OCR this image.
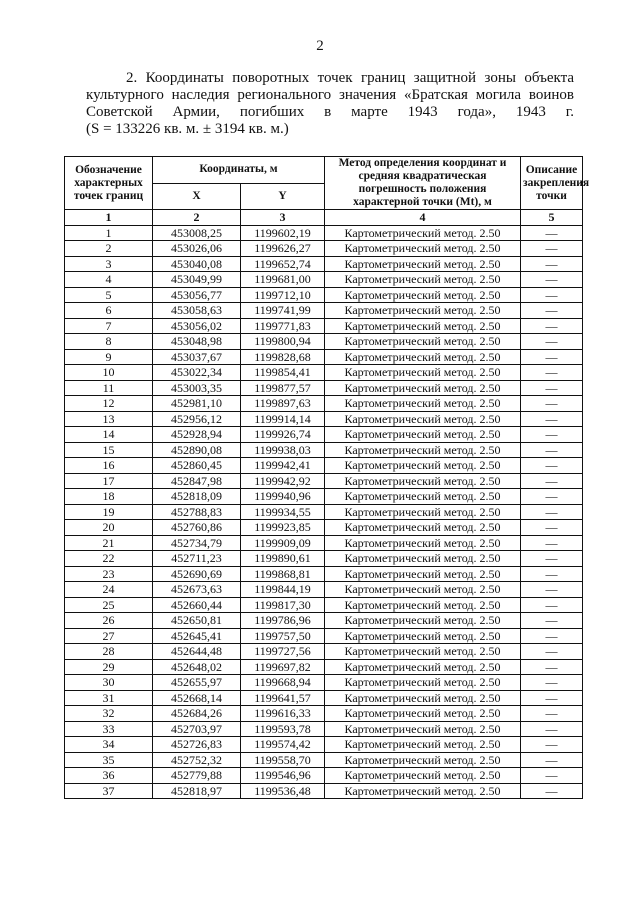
2

2. Координаты поворотных точек границ защитной зоны объекта

культурного наследия регионального значения «Братская могила воинов

Советской Армии, погибших в марте 1943 года», 1943 г.

(S = 133226 кв. м. ± 3194 кв. м.)

Обозначение характерных точек границ	Координаты, м		Метод определения координат и средняя квадратическая погрешность положения характерной точки (Mt), м	Описание закрепления точки
	X	Y		
1	2	3	4	5
1	453008,25	1199602,19	Картометрический метод. 2.50	—
2	453026,06	1199626,27	Картометрический метод. 2.50	—
3	453040,08	1199652,74	Картометрический метод. 2.50	—
4	453049,99	1199681,00	Картометрический метод. 2.50	—
5	453056,77	1199712,10	Картометрический метод. 2.50	—
6	453058,63	1199741,99	Картометрический метод. 2.50	—
7	453056,02	1199771,83	Картометрический метод. 2.50	—
8	453048,98	1199800,94	Картометрический метод. 2.50	—
9	453037,67	1199828,68	Картометрический метод. 2.50	—
10	453022,34	1199854,41	Картометрический метод. 2.50	—
11	453003,35	1199877,57	Картометрический метод. 2.50	—
12	452981,10	1199897,63	Картометрический метод. 2.50	—
13	452956,12	1199914,14	Картометрический метод. 2.50	—
14	452928,94	1199926,74	Картометрический метод. 2.50	—
15	452890,08	1199938,03	Картометрический метод. 2.50	—
16	452860,45	1199942,41	Картометрический метод. 2.50	—
17	452847,98	1199942,92	Картометрический метод. 2.50	—
18	452818,09	1199940,96	Картометрический метод. 2.50	—
19	452788,83	1199934,55	Картометрический метод. 2.50	—
20	452760,86	1199923,85	Картометрический метод. 2.50	—
21	452734,79	1199909,09	Картометрический метод. 2.50	—
22	452711,23	1199890,61	Картометрический метод. 2.50	—
23	452690,69	1199868,81	Картометрический метод. 2.50	—
24	452673,63	1199844,19	Картометрический метод. 2.50	—
25	452660,44	1199817,30	Картометрический метод. 2.50	—
26	452650,81	1199786,96	Картометрический метод. 2.50	—
27	452645,41	1199757,50	Картометрический метод. 2.50	—
28	452644,48	1199727,56	Картометрический метод. 2.50	—
29	452648,02	1199697,82	Картометрический метод. 2.50	—
30	452655,97	1199668,94	Картометрический метод. 2.50	—
31	452668,14	1199641,57	Картометрический метод. 2.50	—
32	452684,26	1199616,33	Картометрический метод. 2.50	—
33	452703,97	1199593,78	Картометрический метод. 2.50	—
34	452726,83	1199574,42	Картометрический метод. 2.50	—
35	452752,32	1199558,70	Картометрический метод. 2.50	—
36	452779,88	1199546,96	Картометрический метод. 2.50	—
37	452818,97	1199536,48	Картометрический метод. 2.50	—
